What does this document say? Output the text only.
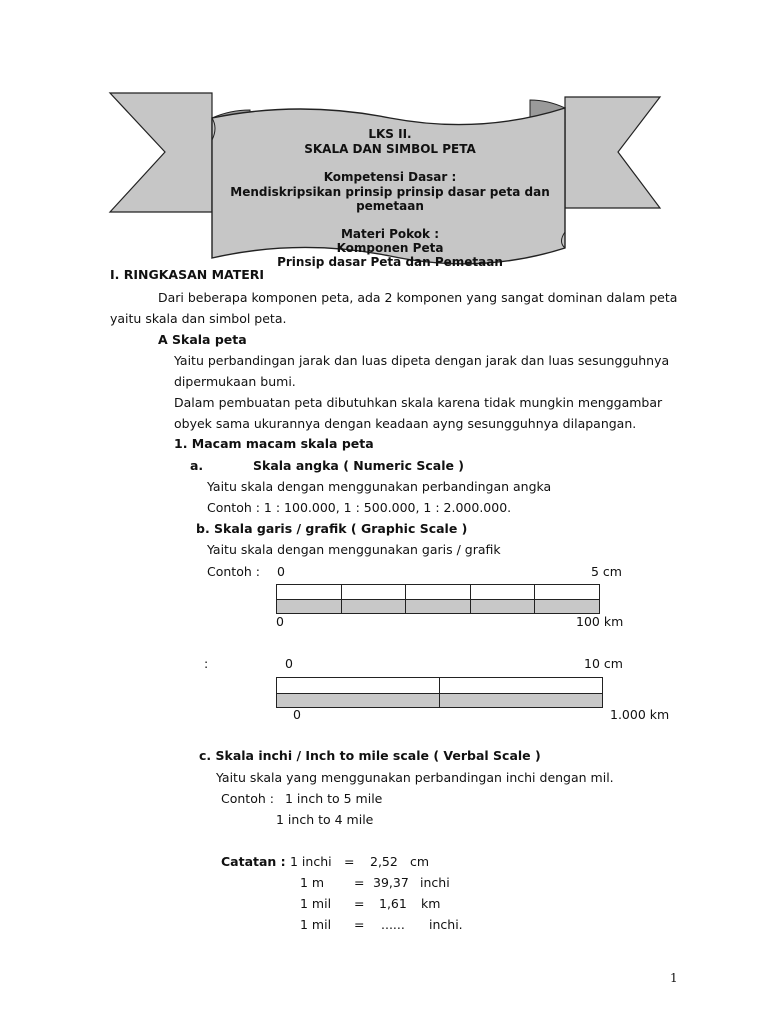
LKS II.
SKALA DAN SIMBOL PETA
Kompetensi Dasar :
Mendiskripsikan prinsip prinsip dasar peta dan
pemetaan
Materi Pokok :
Komponen Peta
Prinsip dasar Peta dan Pemetaan
I. RINGKASAN MATERI
Dari beberapa komponen peta, ada 2 komponen yang sangat dominan dalam peta
yaitu skala dan simbol peta.
A Skala peta
Yaitu perbandingan jarak dan luas dipeta dengan jarak dan luas sesungguhnya
dipermukaan bumi.
Dalam pembuatan peta dibutuhkan skala karena tidak mungkin menggambar
obyek sama ukurannya dengan keadaan ayng sesungguhnya dilapangan.
1. Macam macam skala peta
a.	Skala angka ( Numeric Scale )
Yaitu skala dengan menggunakan perbandingan angka
Contoh : 1 : 100.000, 1 : 500.000, 1 : 2.000.000.
b. Skala garis / grafik ( Graphic Scale )
Yaitu skala dengan menggunakan garis / grafik
Contoh : 0	5 cm
0	100 km
:	0	10 cm
0	1.000 km
c. Skala inchi / Inch to mile scale ( Verbal Scale )
Yaitu skala yang menggunakan perbandingan inchi dengan mil.
Contoh : 1 inch to 5 mile
1 inch to 4 mile
Catatan : 1 inchi = 2,52 cm
1 m = 39,37 inchi
1 mil = 1,61 km
1 mil = ...... inchi.
1
